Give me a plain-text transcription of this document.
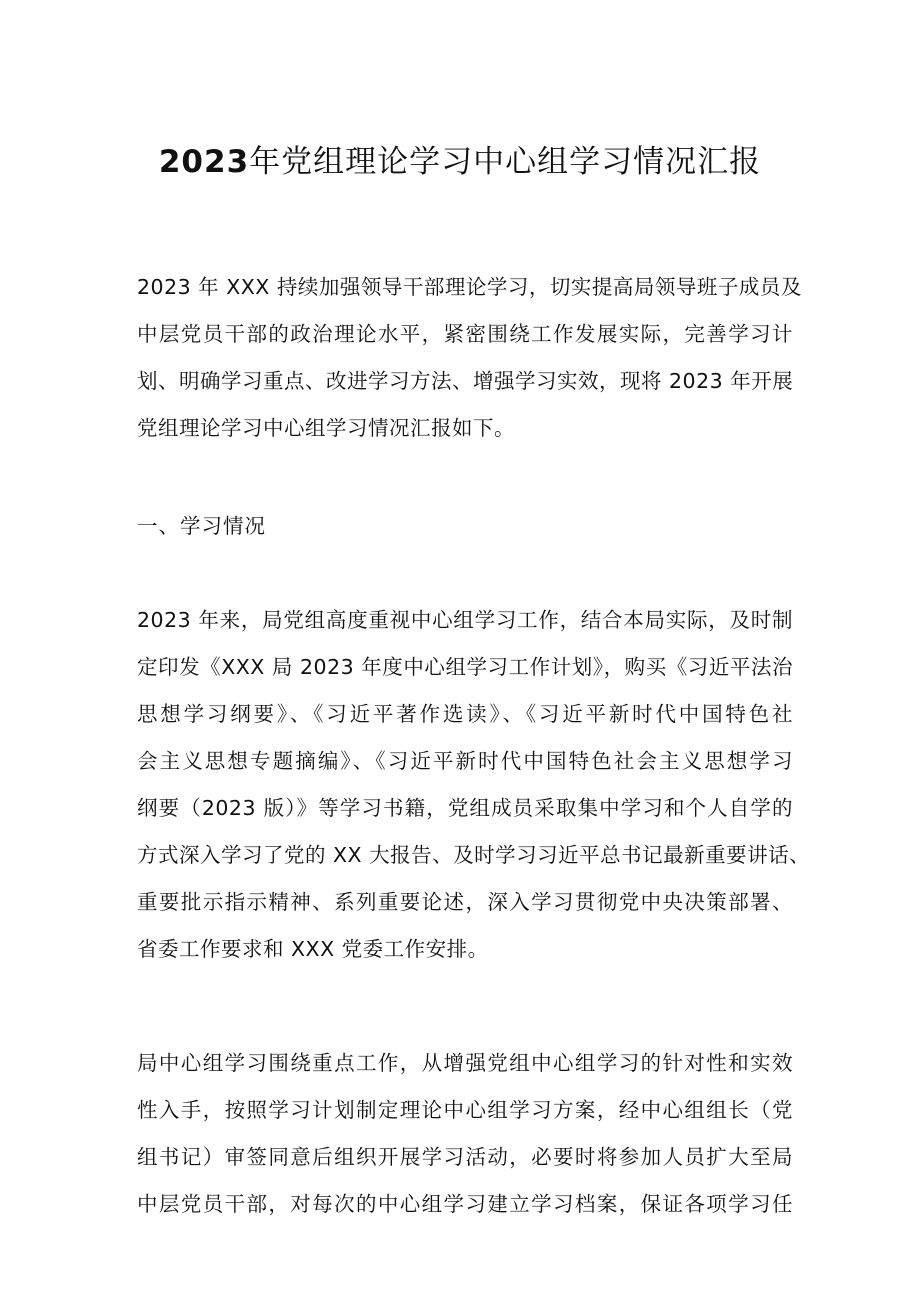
2023年党组理论学习中心组学习情况汇报
2023 年 XXX 持续加强领导干部理论学习，切实提高局领导班子成员及
中层党员干部的政治理论水平，紧密围绕工作发展实际，完善学习计
划、明确学习重点、改进学习方法、增强学习实效，现将 2023 年开展
党组理论学习中心组学习情况汇报如下。
一、学习情况
2023 年来，局党组高度重视中心组学习工作，结合本局实际，及时制
定印发《XXX 局 2023 年度中心组学习工作计划》，购买《习近平法治
思想学习纲要》、《习近平著作选读》、《习近平新时代中国特色社
会主义思想专题摘编》、《习近平新时代中国特色社会主义思想学习
纲要（2023 版）》等学习书籍，党组成员采取集中学习和个人自学的
方式深入学习了党的 XX 大报告、及时学习习近平总书记最新重要讲话、
重要批示指示精神、系列重要论述，深入学习贯彻党中央决策部署、
省委工作要求和 XXX 党委工作安排。
局中心组学习围绕重点工作，从增强党组中心组学习的针对性和实效
性入手，按照学习计划制定理论中心组学习方案，经中心组组长（党
组书记）审签同意后组织开展学习活动，必要时将参加人员扩大至局
中层党员干部，对每次的中心组学习建立学习档案，保证各项学习任
